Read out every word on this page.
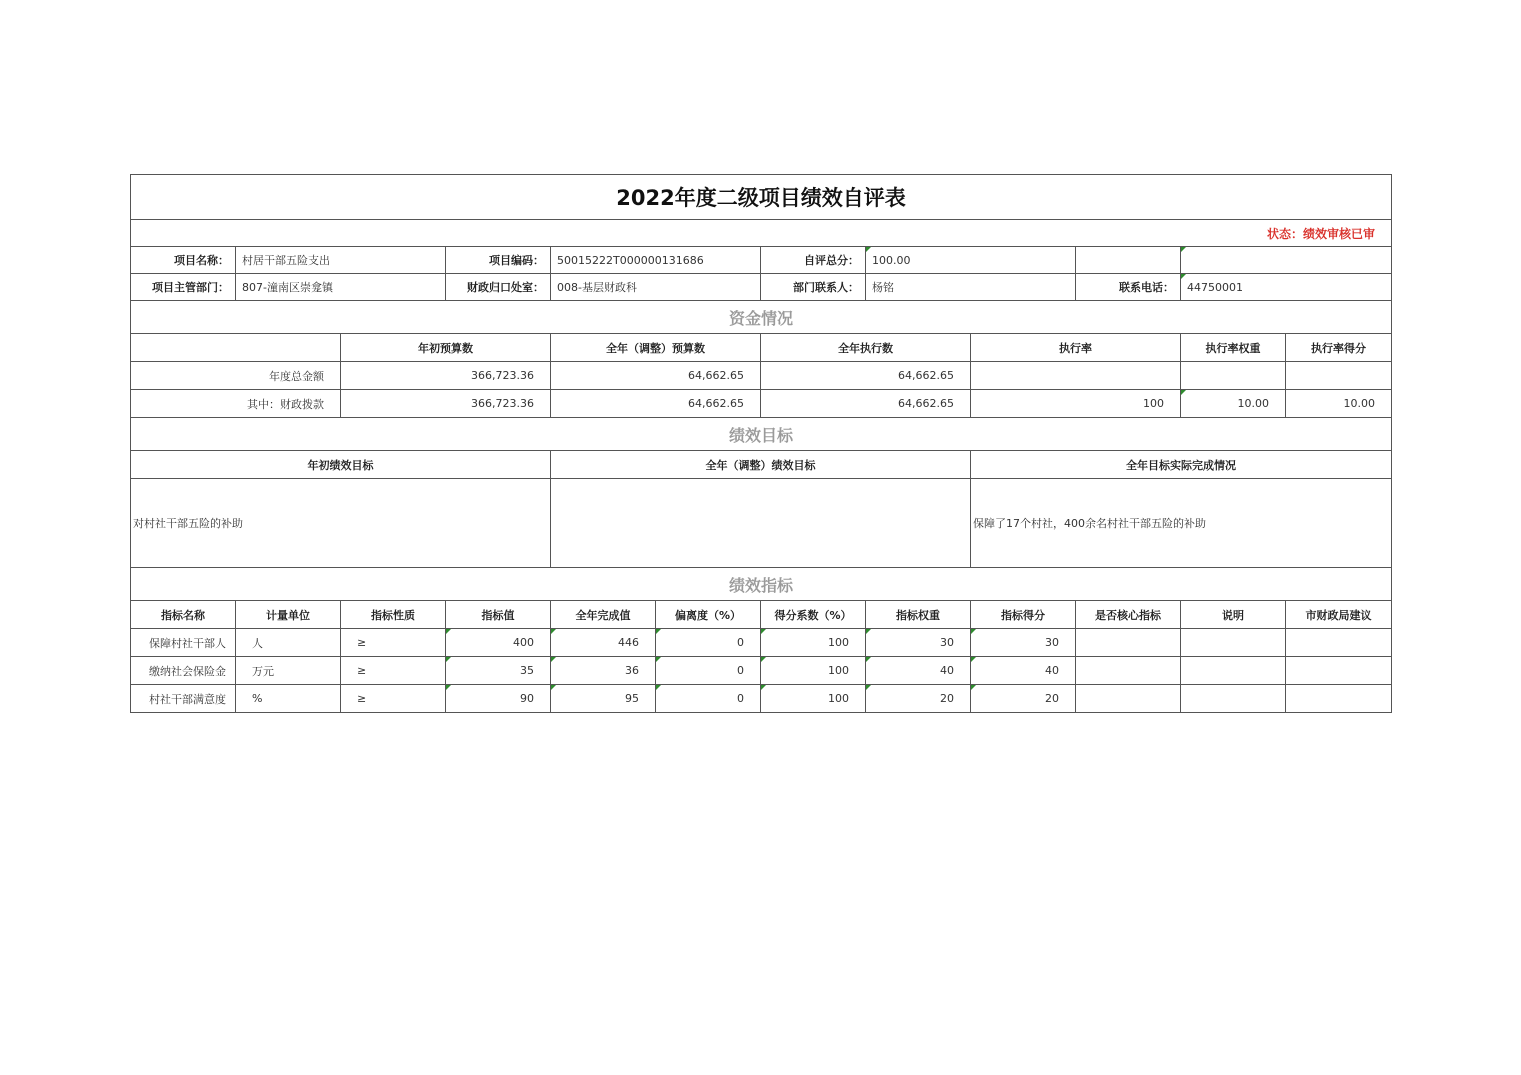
2022年度二级项目绩效自评表											
状态：绩效审核已审											
项目名称：	村居干部五险支出		项目编码：	50015222T000000131686		自评总分：	100.00				
项目主管部门：	807-潼南区崇龛镇		财政归口处室：	008-基层财政科		部门联系人：	杨铭		联系电话：	44750001	
资金情况											
		年初预算数		全年（调整）预算数		全年执行数		执行率		执行率权重	执行率得分
年度总金额		366,723.36		64,662.65		64,662.65					
其中：财政拨款		366,723.36		64,662.65		64,662.65		100		10.00	10.00
绩效目标											
年初绩效目标				全年（调整）绩效目标				全年目标实际完成情况			
对村社干部五险的补助								保障了17个村社，400余名村社干部五险的补助			
绩效指标											
指标名称	计量单位	指标性质	指标值	全年完成值	偏离度（%）	得分系数（%）	指标权重	指标得分	是否核心指标	说明	市财政局建议
保障村社干部人	人	≥	400	446	0	100	30	30			
缴纳社会保险金	万元	≥	35	36	0	100	40	40			
村社干部满意度	%	≥	90	95	0	100	20	20			
